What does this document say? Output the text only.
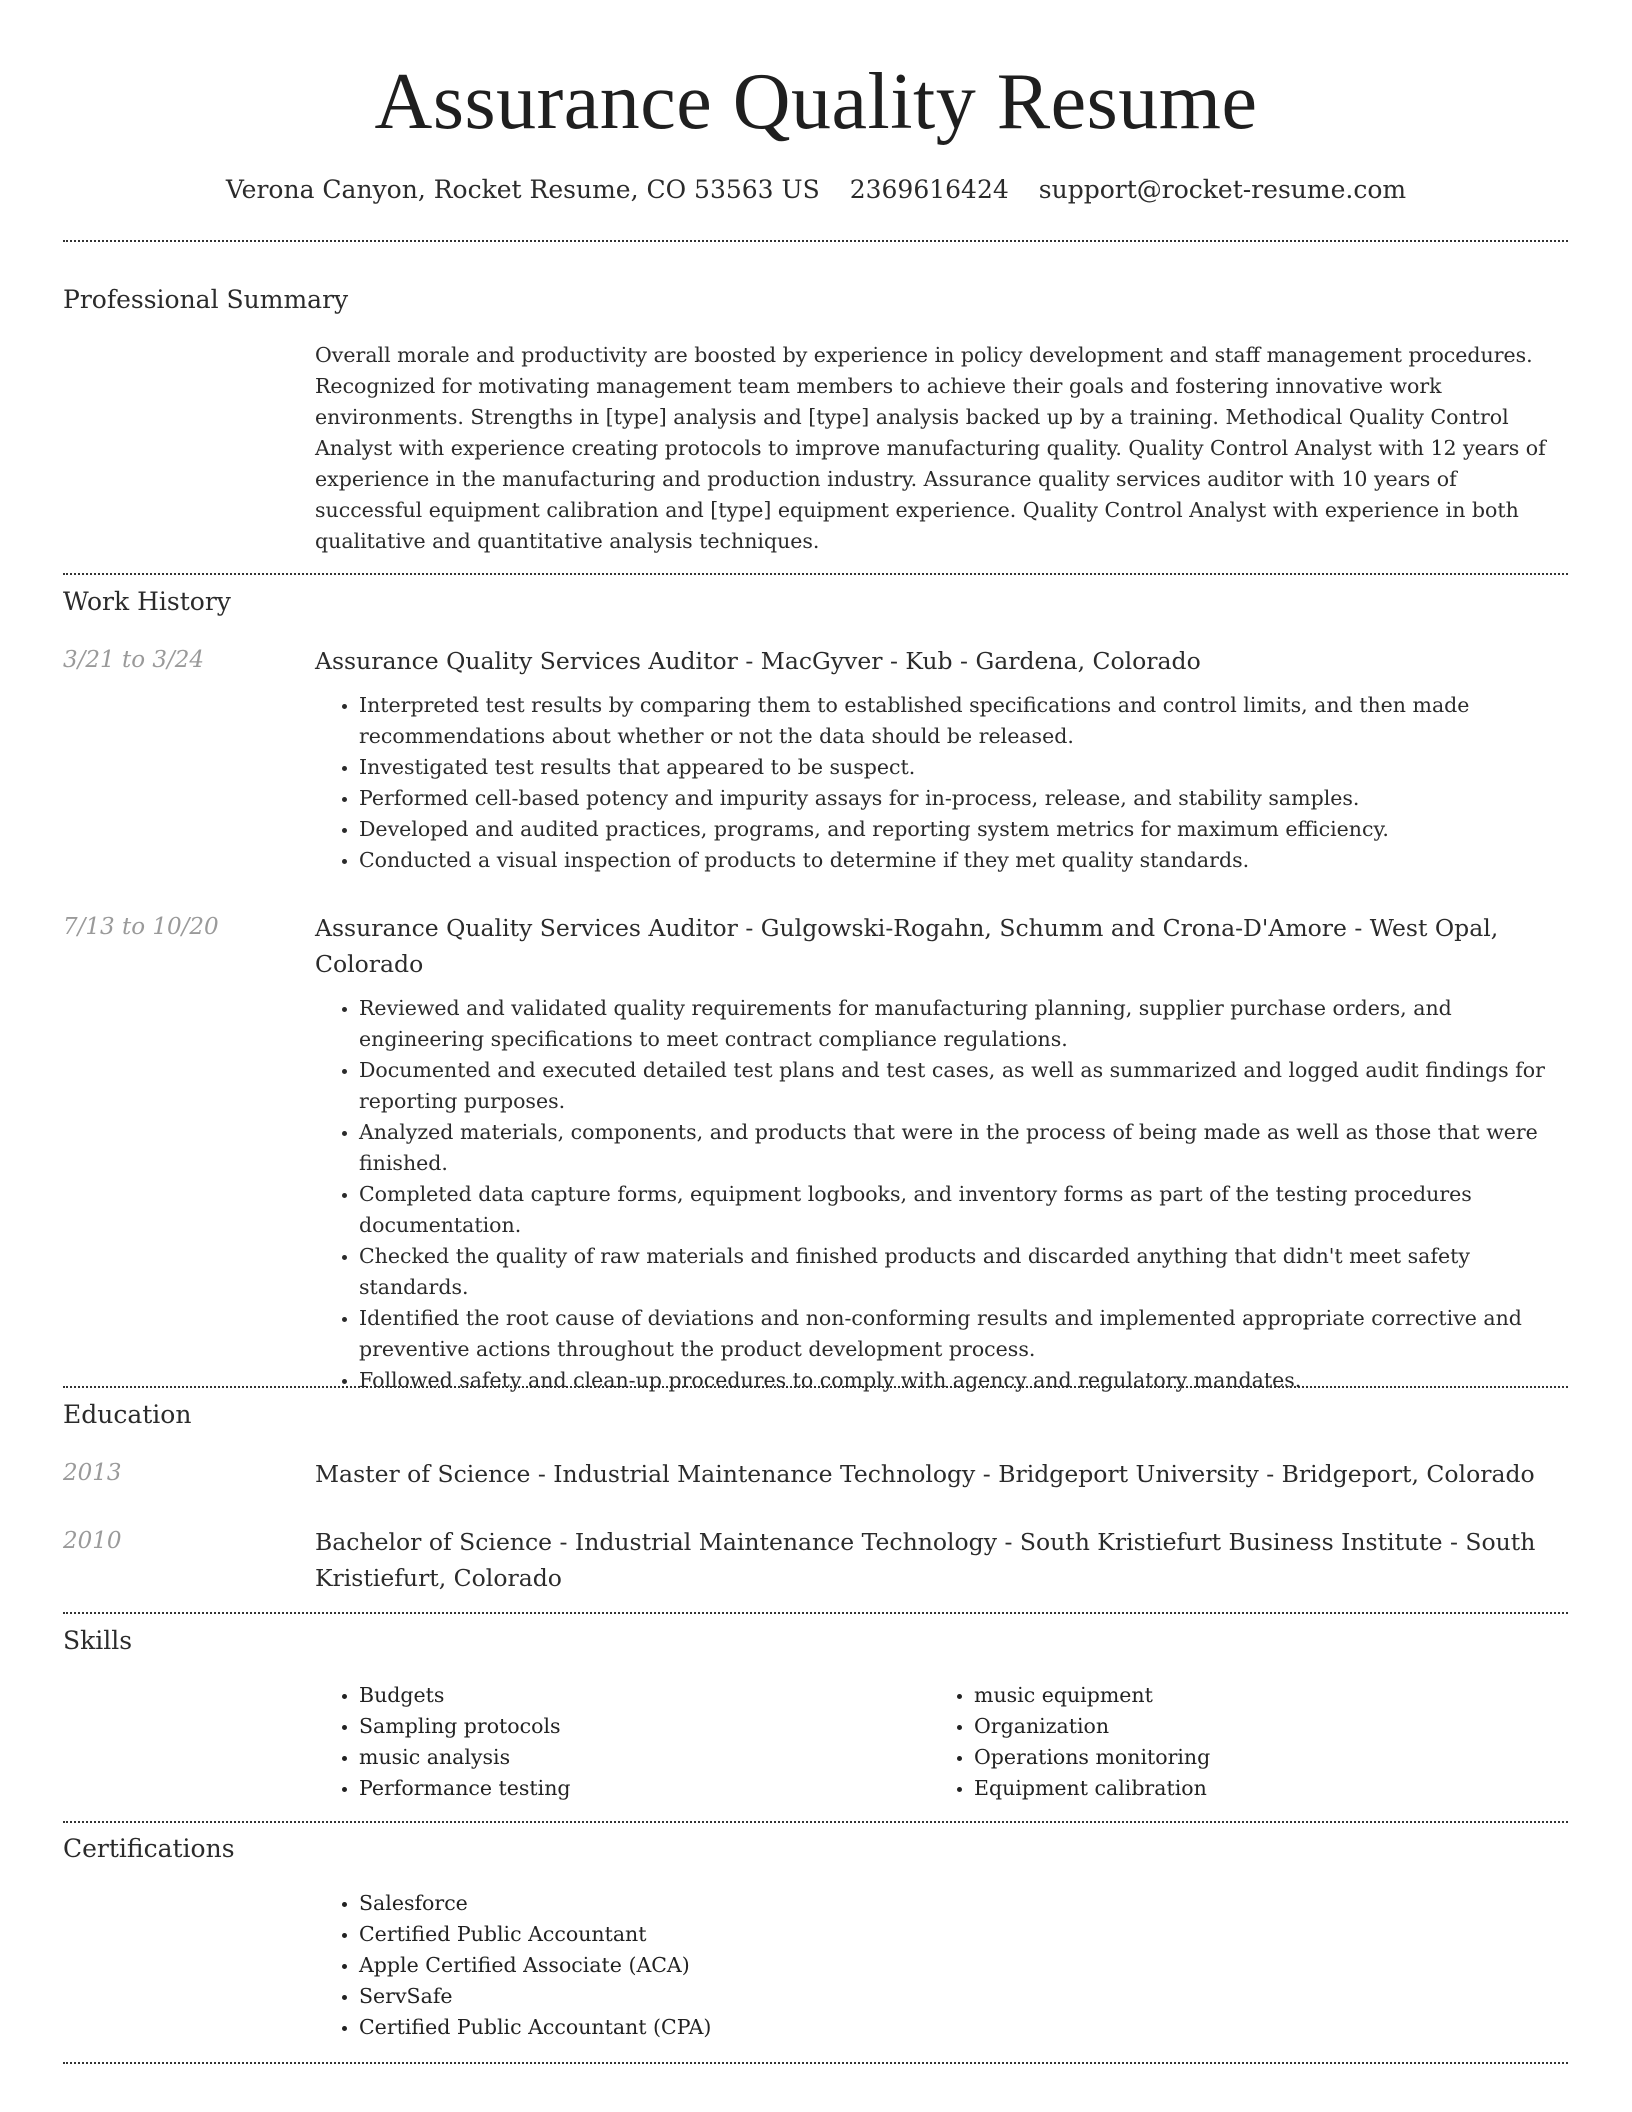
Assurance Quality Resume
Verona Canyon, Rocket Resume, CO 53563 US 2369616424 support@rocket-resume.com
Professional Summary
Overall morale and productivity are boosted by experience in policy development and staff management procedures. Recognized for motivating management team members to achieve their goals and fostering innovative work environments. Strengths in [type] analysis and [type] analysis backed up by a training. Methodical Quality Control Analyst with experience creating protocols to improve manufacturing quality. Quality Control Analyst with 12 years of experience in the manufacturing and production industry. Assurance quality services auditor with 10 years of successful equipment calibration and [type] equipment experience. Quality Control Analyst with experience in both qualitative and quantitative analysis techniques.
Work History
3/21 to 3/24	Assurance Quality Services Auditor - MacGyver - Kub - Gardena, Colorado
• Interpreted test results by comparing them to established specifications and control limits, and then made recommendations about whether or not the data should be released.
• Investigated test results that appeared to be suspect.
• Performed cell-based potency and impurity assays for in-process, release, and stability samples.
• Developed and audited practices, programs, and reporting system metrics for maximum efficiency.
• Conducted a visual inspection of products to determine if they met quality standards.
7/13 to 10/20	Assurance Quality Services Auditor - Gulgowski-Rogahn, Schumm and Crona-D'Amore - West Opal, Colorado
• Reviewed and validated quality requirements for manufacturing planning, supplier purchase orders, and engineering specifications to meet contract compliance regulations.
• Documented and executed detailed test plans and test cases, as well as summarized and logged audit findings for reporting purposes.
• Analyzed materials, components, and products that were in the process of being made as well as those that were finished.
• Completed data capture forms, equipment logbooks, and inventory forms as part of the testing procedures documentation.
• Checked the quality of raw materials and finished products and discarded anything that didn't meet safety standards.
• Identified the root cause of deviations and non-conforming results and implemented appropriate corrective and preventive actions throughout the product development process.
• Followed safety and clean-up procedures to comply with agency and regulatory mandates.
Education
2013	Master of Science - Industrial Maintenance Technology - Bridgeport University - Bridgeport, Colorado
2010	Bachelor of Science - Industrial Maintenance Technology - South Kristiefurt Business Institute - South Kristiefurt, Colorado
Skills
• Budgets
• Sampling protocols
• music analysis
• Performance testing
• music equipment
• Organization
• Operations monitoring
• Equipment calibration
Certifications
• Salesforce
• Certified Public Accountant
• Apple Certified Associate (ACA)
• ServSafe
• Certified Public Accountant (CPA)
